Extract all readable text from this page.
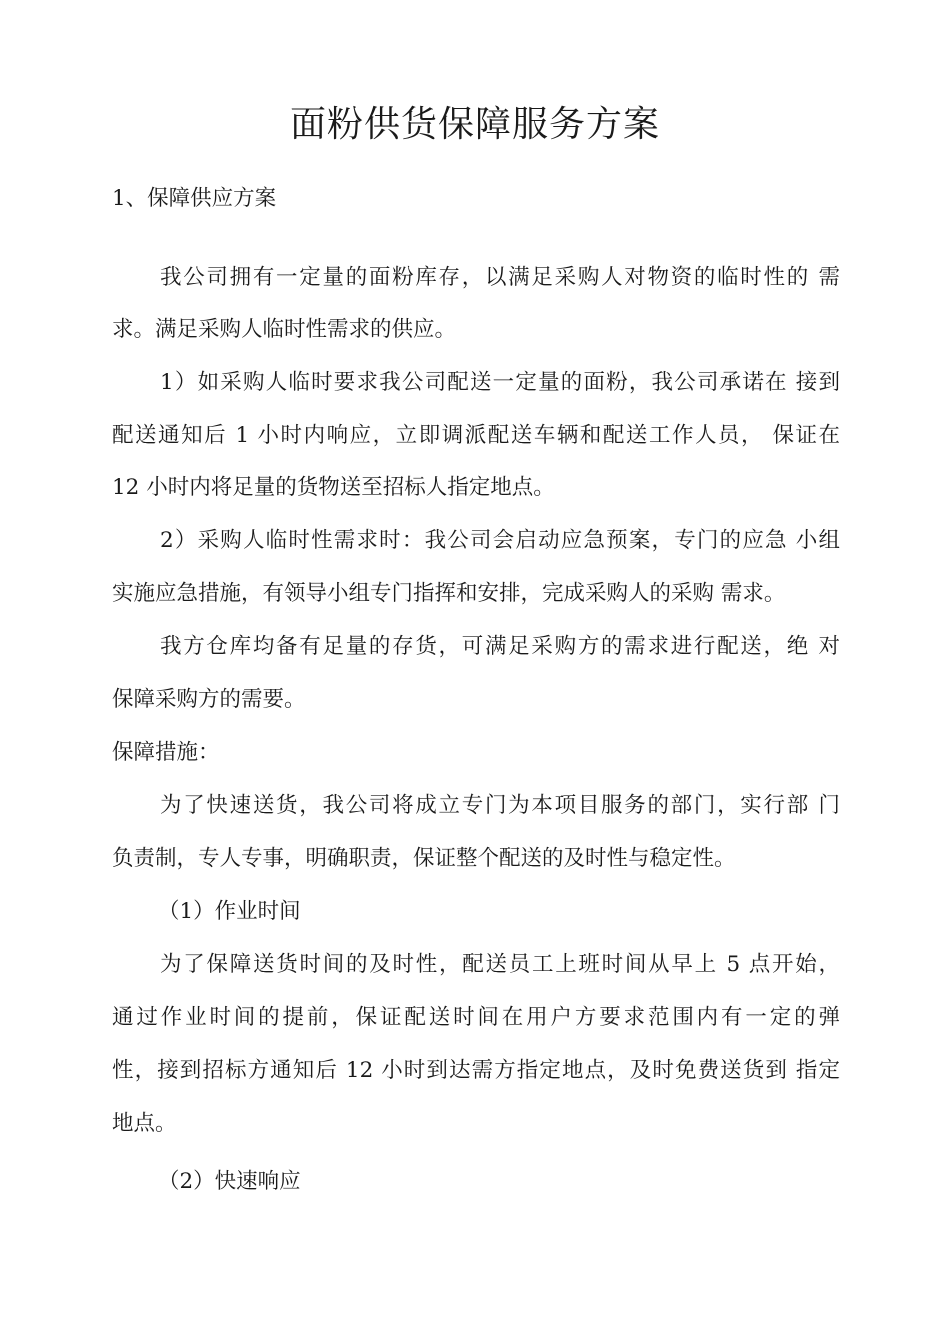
面粉供货保障服务方案
1、保障供应方案
我公司拥有一定量的面粉库存，以满足采购人对物资的临时性的 需
求。满足采购人临时性需求的供应。
1）如采购人临时要求我公司配送一定量的面粉，我公司承诺在 接到
配送通知后 1 小时内响应，立即调派配送车辆和配送工作人员， 保证在
12 小时内将足量的货物送至招标人指定地点。
2）采购人临时性需求时：我公司会启动应急预案，专门的应急 小组
实施应急措施，有领导小组专门指挥和安排，完成采购人的采购 需求。
我方仓库均备有足量的存货，可满足采购方的需求进行配送，绝 对
保障采购方的需要。
保障措施：
为了快速送货，我公司将成立专门为本项目服务的部门，实行部 门
负责制，专人专事，明确职责，保证整个配送的及时性与稳定性。
（1）作业时间
为了保障送货时间的及时性，配送员工上班时间从早上 5 点开始，
通过作业时间的提前，保证配送时间在用户方要求范围内有一定的弹
性，接到招标方通知后 12 小时到达需方指定地点，及时免费送货到 指定
地点。
（2）快速响应
